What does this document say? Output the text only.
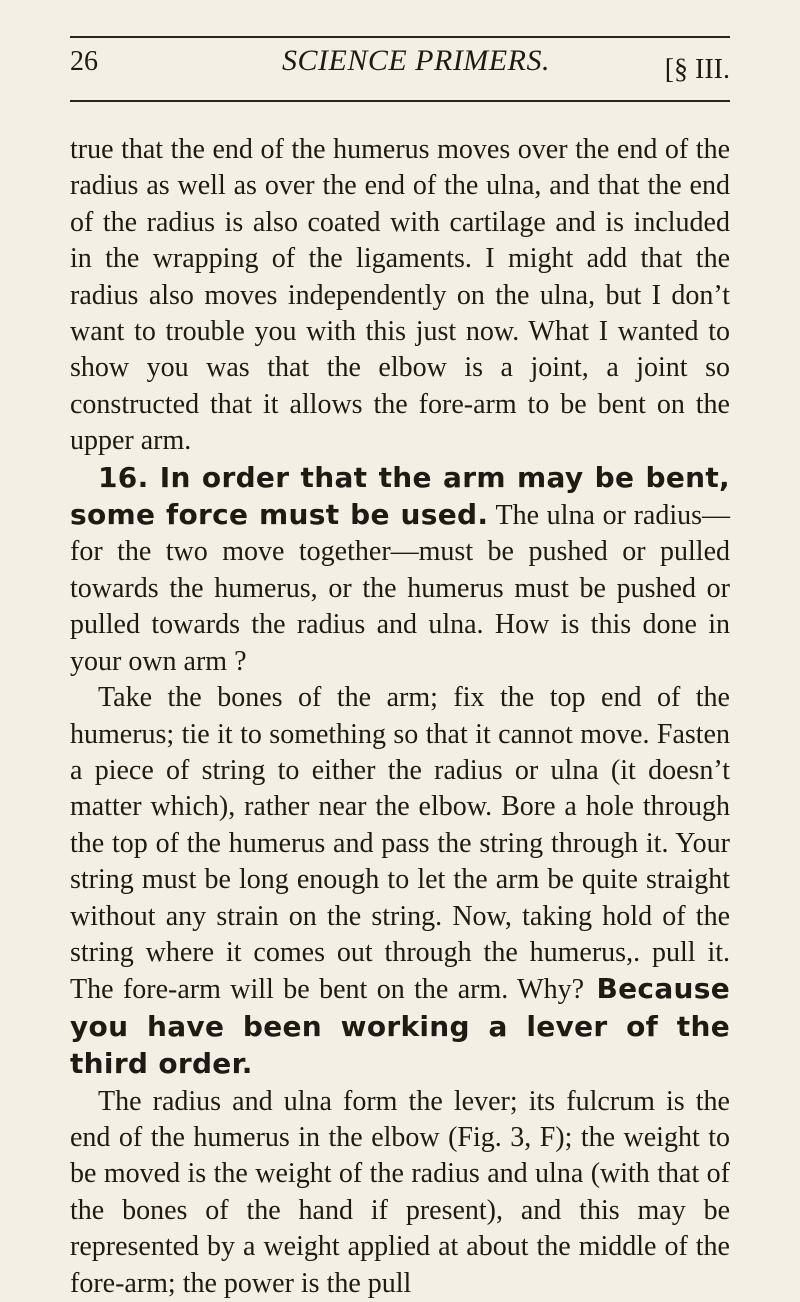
26	SCIENCE PRIMERS.	[§ III.

true that the end of the humerus moves over the end of the radius as well as over the end of the ulna, and that the end of the radius is also coated with cartilage and is included in the wrapping of the ligaments. I might add that the radius also moves independently on the ulna, but I don’t want to trouble you with this just now. What I wanted to show you was that the elbow is a joint, a joint so constructed that it allows the fore-arm to be bent on the upper arm.

16. In order that the arm may be bent, some force must be used. The ulna or radius—for the two move together—must be pushed or pulled towards the humerus, or the humerus must be pushed or pulled towards the radius and ulna. How is this done in your own arm ?

Take the bones of the arm; fix the top end of the humerus; tie it to something so that it cannot move. Fasten a piece of string to either the radius or ulna (it doesn’t matter which), rather near the elbow. Bore a hole through the top of the humerus and pass the string through it. Your string must be long enough to let the arm be quite straight without any strain on the string. Now, taking hold of the string where it comes out through the humerus,. pull it. The fore-arm will be bent on the arm. Why? Because you have been working a lever of the third order.

The radius and ulna form the lever; its fulcrum is the end of the humerus in the elbow (Fig. 3, F); the weight to be moved is the weight of the radius and ulna (with that of the bones of the hand if present), and this may be represented by a weight applied at about the middle of the fore-arm; the power is the pull
